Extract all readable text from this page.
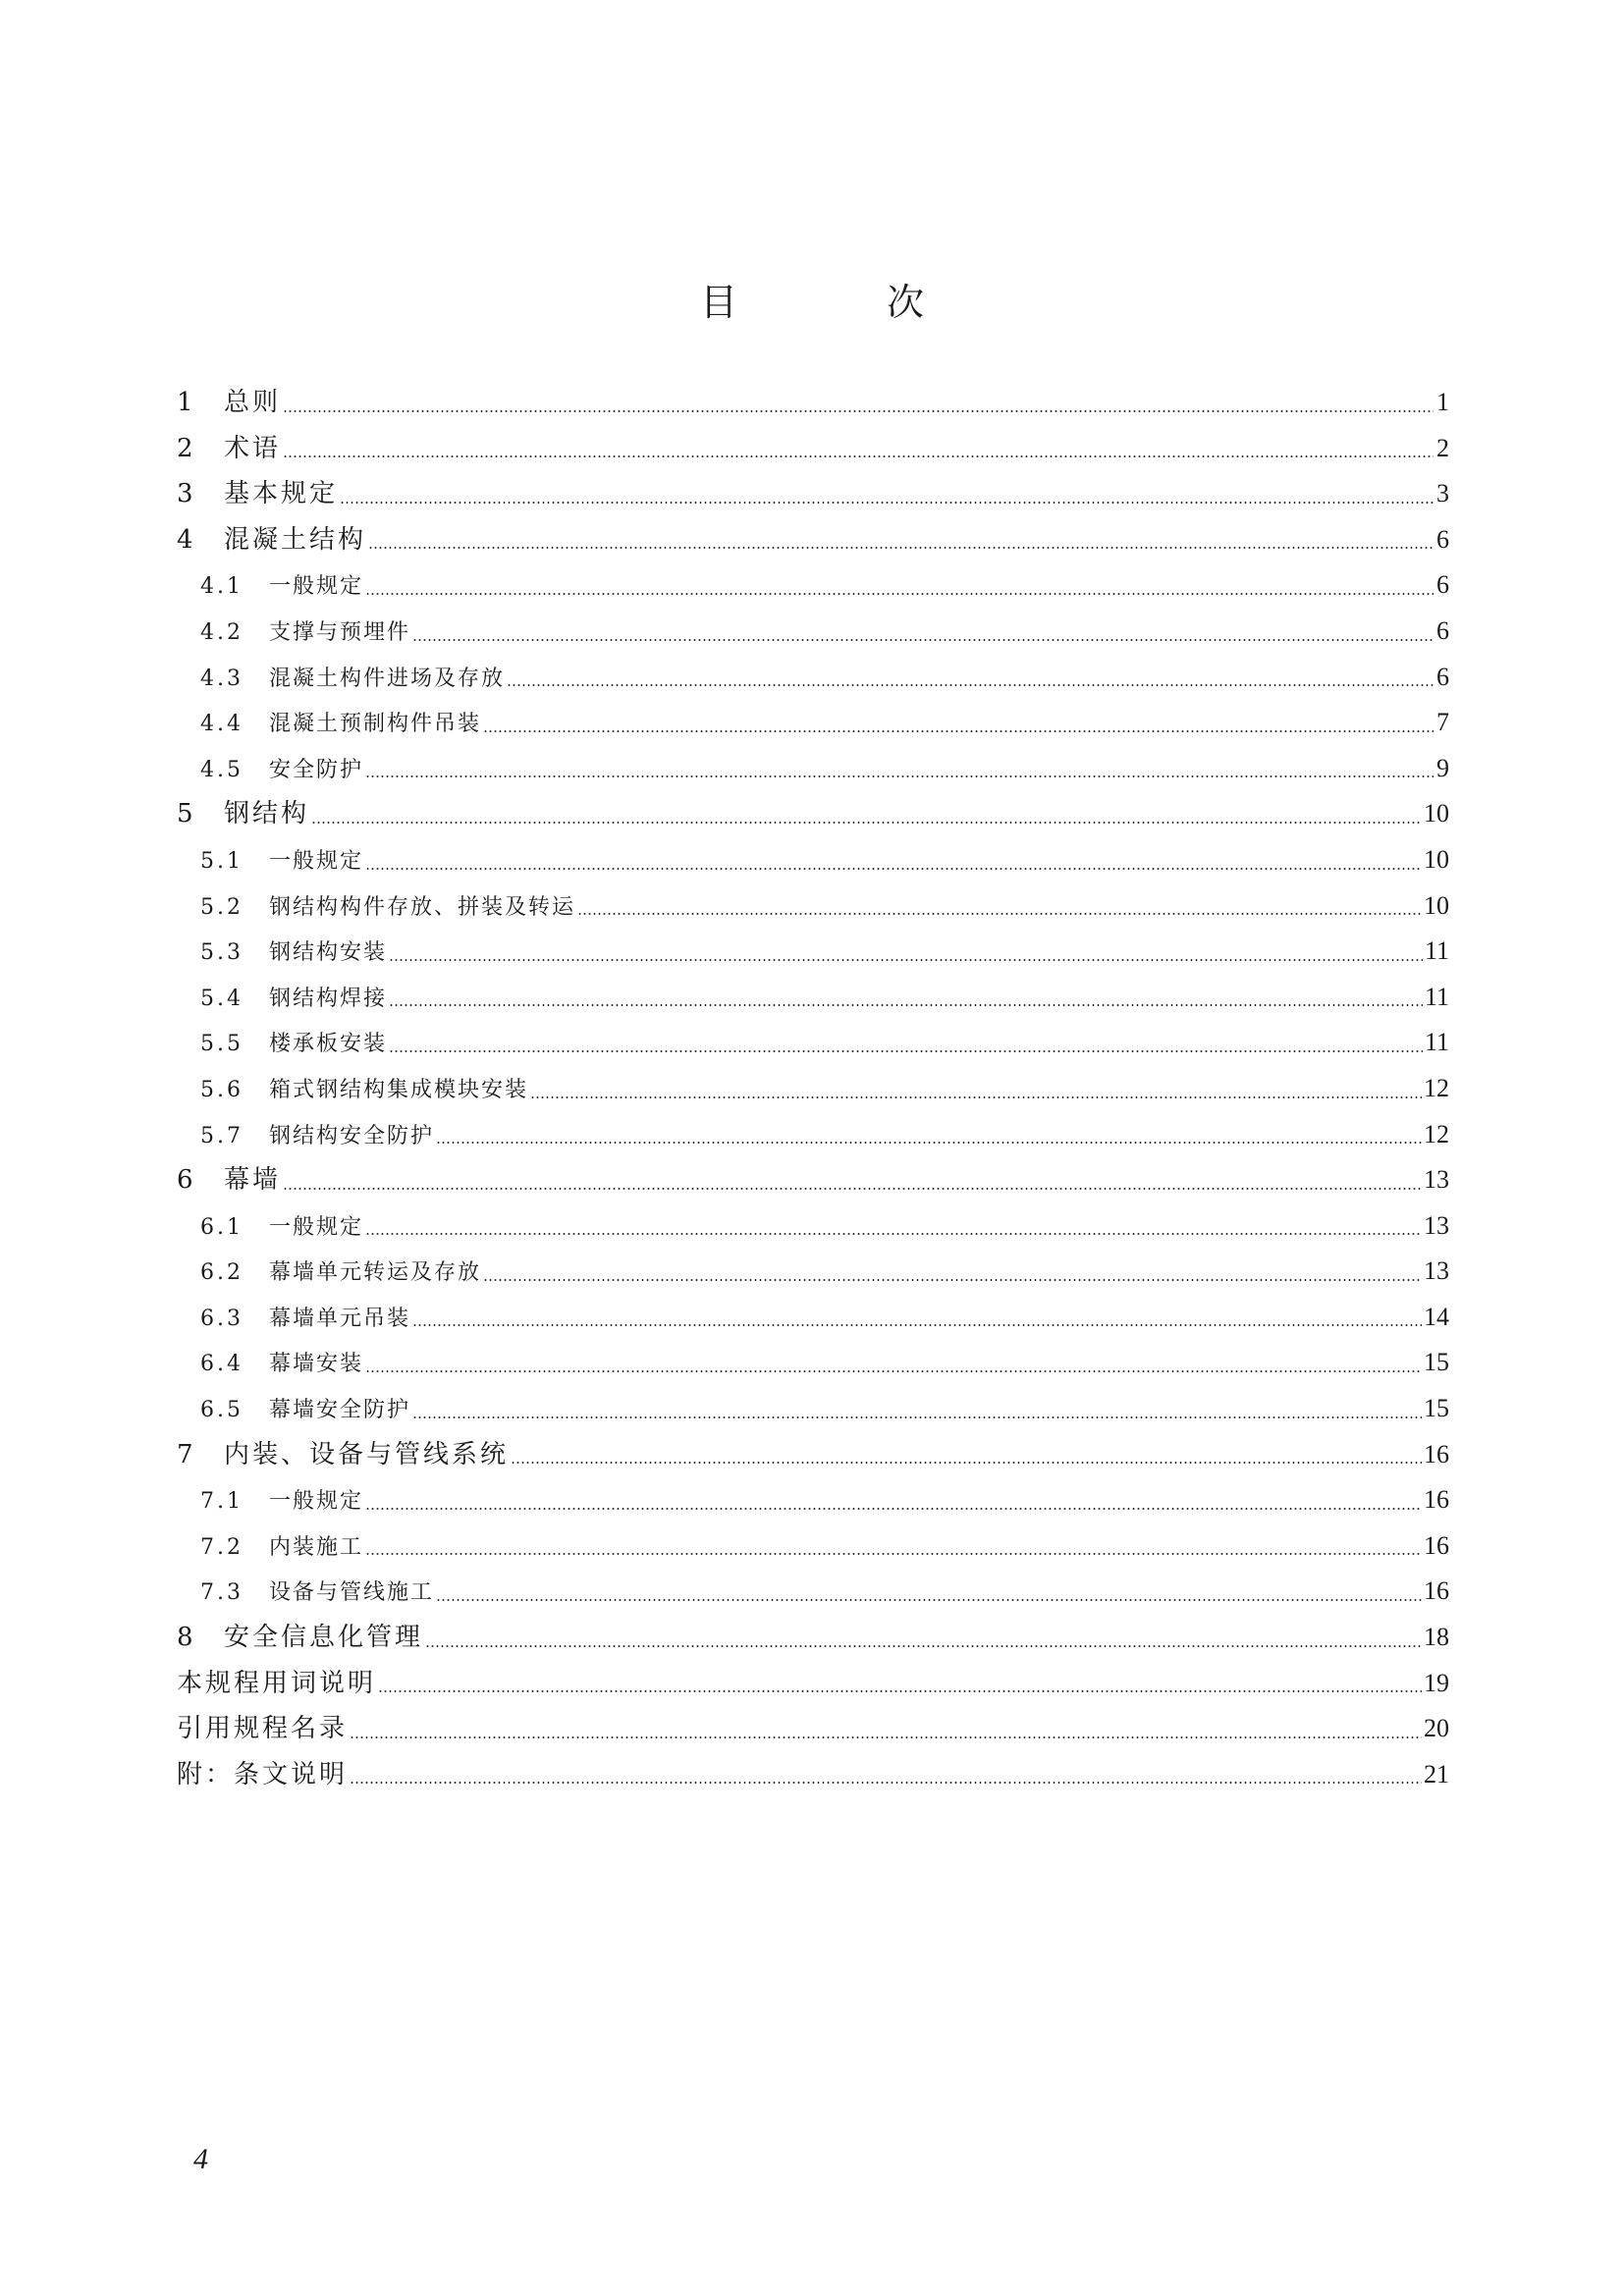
目 次
1	总则	1
2	术语	2
3	基本规定	3
4	混凝土结构	6
4.1	一般规定	6
4.2	支撑与预埋件	6
4.3	混凝土构件进场及存放	6
4.4	混凝土预制构件吊装	7
4.5	安全防护	9
5	钢结构	10
5.1	一般规定	10
5.2	钢结构构件存放、拼装及转运	10
5.3	钢结构安装	11
5.4	钢结构焊接	11
5.5	楼承板安装	11
5.6	箱式钢结构集成模块安装	12
5.7	钢结构安全防护	12
6	幕墙	13
6.1	一般规定	13
6.2	幕墙单元转运及存放	13
6.3	幕墙单元吊装	14
6.4	幕墙安装	15
6.5	幕墙安全防护	15
7	内装、设备与管线系统	16
7.1	一般规定	16
7.2	内装施工	16
7.3	设备与管线施工	16
8	安全信息化管理	18
本规程用词说明	19
引用规程名录	20
附：条文说明	21
4
